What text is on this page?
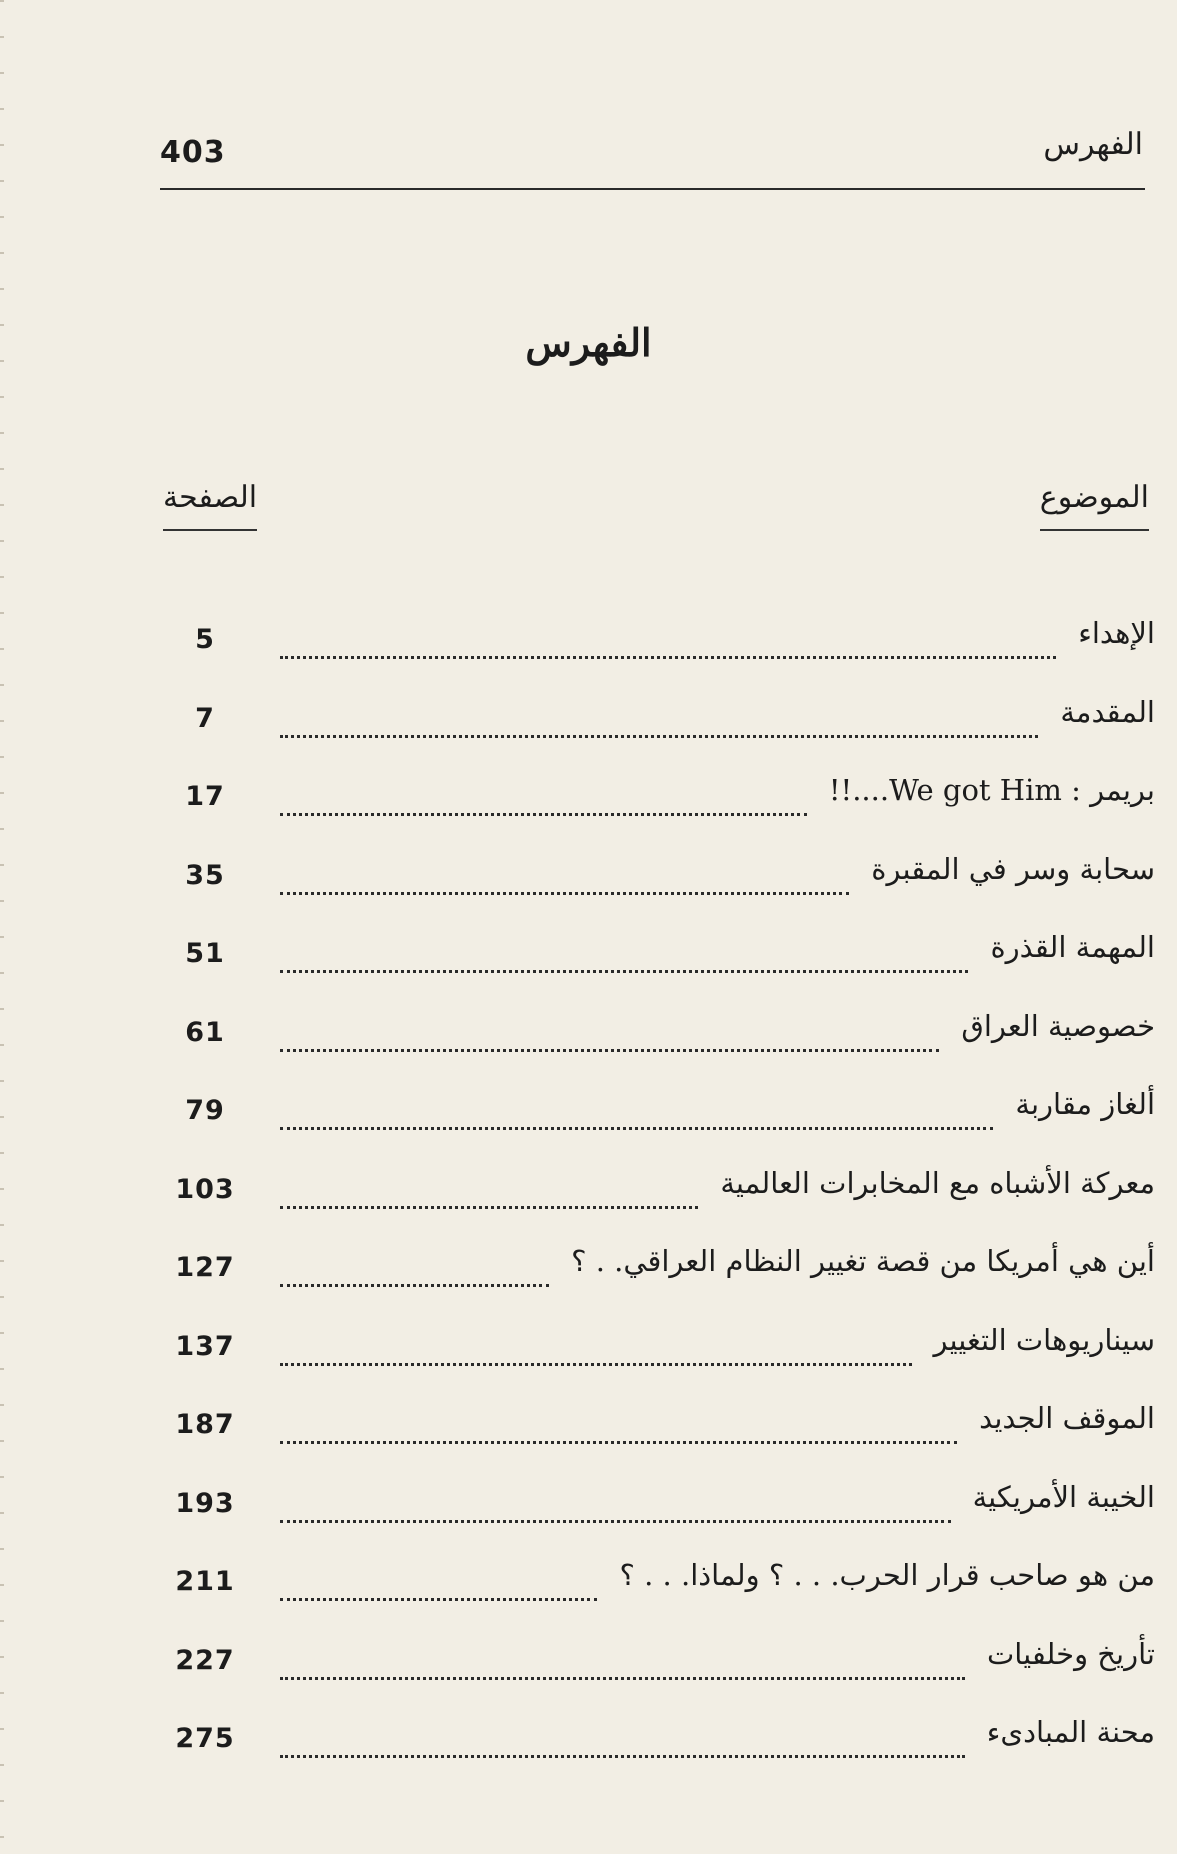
403	الفهرس
الفهرس
الموضوع
الصفحة
الإهداء
5
المقدمة
7
بريمر : We got Him....!!
17
سحابة وسر في المقبرة
35
المهمة القذرة
51
خصوصية العراق
61
ألغاز مقاربة
79
معركة الأشباه مع المخابرات العالمية
103
أين هي أمريكا من قصة تغيير النظام العراقي. . ؟
127
سيناريوهات التغيير
137
الموقف الجديد
187
الخيبة الأمريكية
193
من هو صاحب قرار الحرب. . . ؟ ولماذا. . . ؟
211
تأريخ وخلفيات
227
محنة المبادىء
275
